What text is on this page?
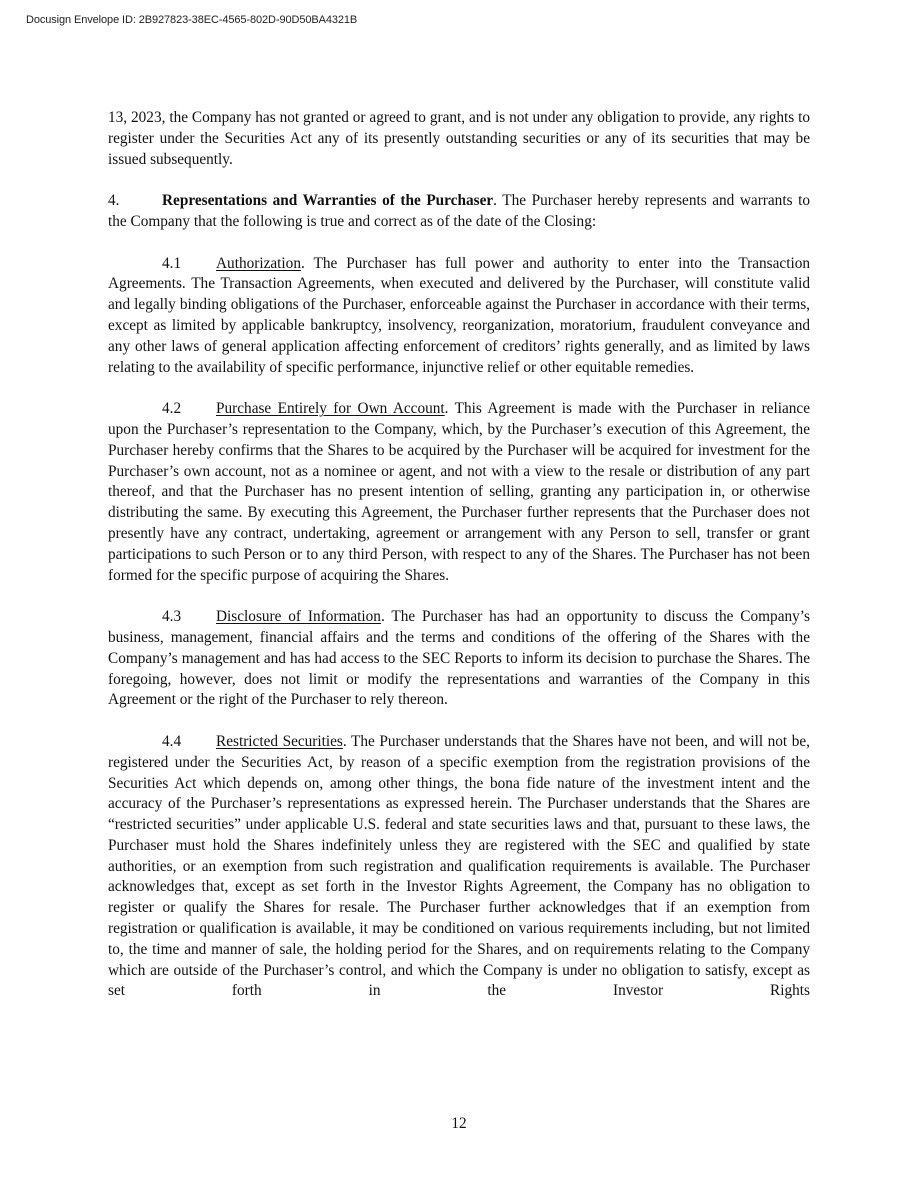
Docusign Envelope ID: 2B927823-38EC-4565-802D-90D50BA4321B

13, 2023, the Company has not granted or agreed to grant, and is not under any obligation to provide, any rights to register under the Securities Act any of its presently outstanding securities or any of its securities that may be issued subsequently.

4.	Representations and Warranties of the Purchaser. The Purchaser hereby represents and warrants to the Company that the following is true and correct as of the date of the Closing:

4.1 Authorization. The Purchaser has full power and authority to enter into the Transaction Agreements. The Transaction Agreements, when executed and delivered by the Purchaser, will constitute valid and legally binding obligations of the Purchaser, enforceable against the Purchaser in accordance with their terms, except as limited by applicable bankruptcy, insolvency, reorganization, moratorium, fraudulent conveyance and any other laws of general application affecting enforcement of creditors’ rights generally, and as limited by laws relating to the availability of specific performance, injunctive relief or other equitable remedies.

4.2 Purchase Entirely for Own Account. This Agreement is made with the Purchaser in reliance upon the Purchaser’s representation to the Company, which, by the Purchaser’s execution of this Agreement, the Purchaser hereby confirms that the Shares to be acquired by the Purchaser will be acquired for investment for the Purchaser’s own account, not as a nominee or agent, and not with a view to the resale or distribution of any part thereof, and that the Purchaser has no present intention of selling, granting any participation in, or otherwise distributing the same. By executing this Agreement, the Purchaser further represents that the Purchaser does not presently have any contract, undertaking, agreement or arrangement with any Person to sell, transfer or grant participations to such Person or to any third Person, with respect to any of the Shares. The Purchaser has not been formed for the specific purpose of acquiring the Shares.

4.3 Disclosure of Information. The Purchaser has had an opportunity to discuss the Company’s business, management, financial affairs and the terms and conditions of the offering of the Shares with the Company’s management and has had access to the SEC Reports to inform its decision to purchase the Shares. The foregoing, however, does not limit or modify the representations and warranties of the Company in this Agreement or the right of the Purchaser to rely thereon.

4.4 Restricted Securities. The Purchaser understands that the Shares have not been, and will not be, registered under the Securities Act, by reason of a specific exemption from the registration provisions of the Securities Act which depends on, among other things, the bona fide nature of the investment intent and the accuracy of the Purchaser’s representations as expressed herein. The Purchaser understands that the Shares are “restricted securities” under applicable U.S. federal and state securities laws and that, pursuant to these laws, the Purchaser must hold the Shares indefinitely unless they are registered with the SEC and qualified by state authorities, or an exemption from such registration and qualification requirements is available. The Purchaser acknowledges that, except as set forth in the Investor Rights Agreement, the Company has no obligation to register or qualify the Shares for resale. The Purchaser further acknowledges that if an exemption from registration or qualification is available, it may be conditioned on various requirements including, but not limited to, the time and manner of sale, the holding period for the Shares, and on requirements relating to the Company which are outside of the Purchaser’s control, and which the Company is under no obligation to satisfy, except as set forth in the Investor Rights

12
